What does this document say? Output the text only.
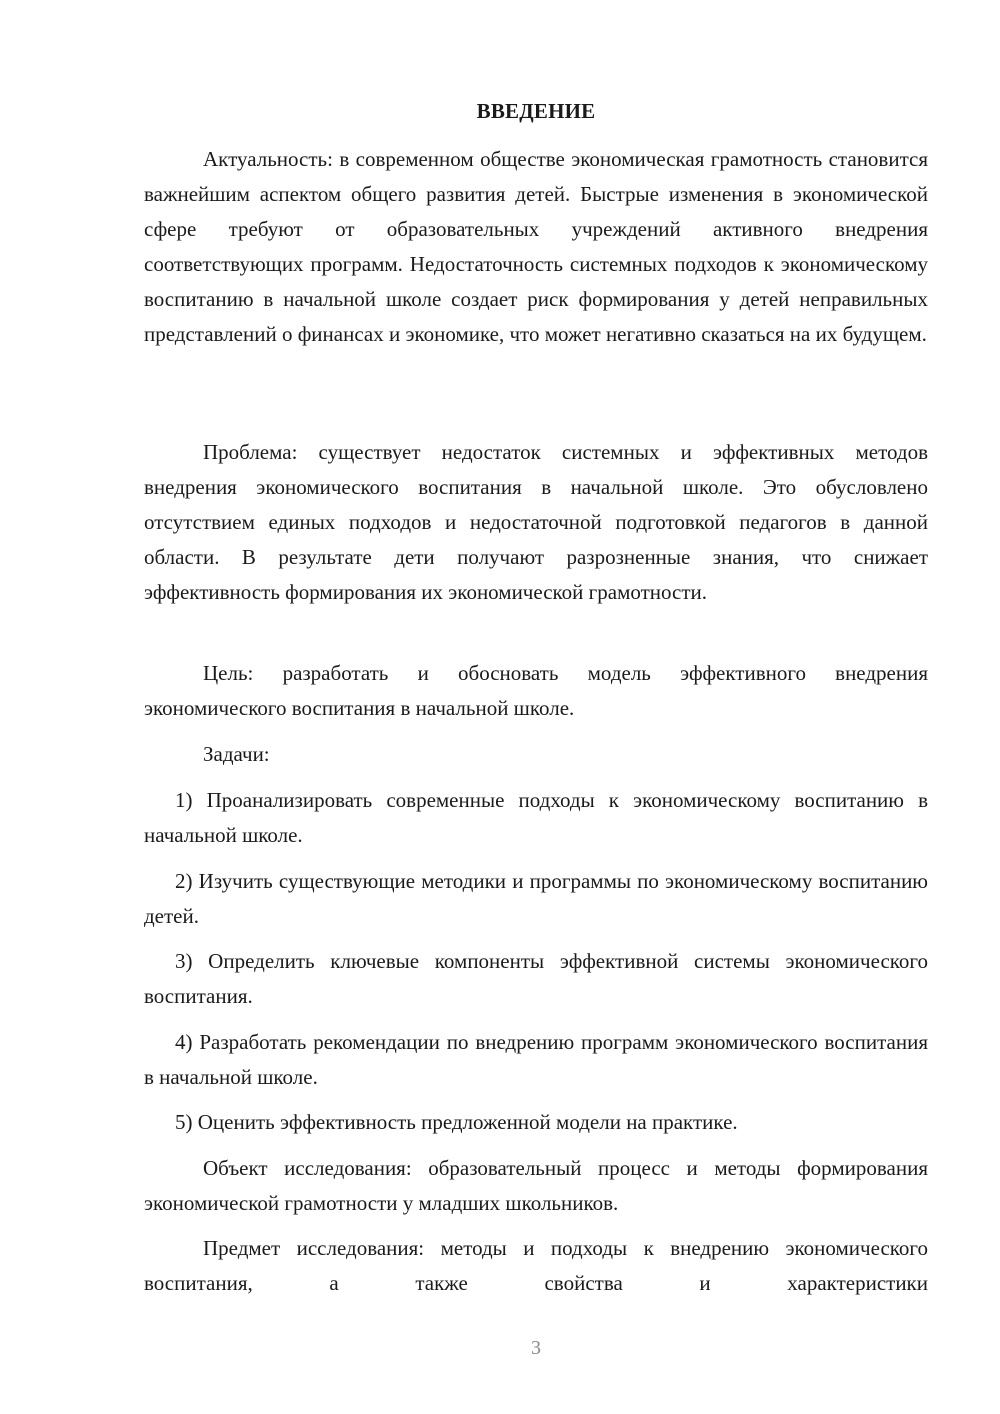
ВВЕДЕНИЕ

Актуальность: в современном обществе экономическая грамотность становится важнейшим аспектом общего развития детей. Быстрые изменения в экономической сфере требуют от образовательных учреждений активного внедрения соответствующих программ. Недостаточность системных подходов к экономическому воспитанию в начальной школе создает риск формирования у детей неправильных представлений о финансах и экономике, что может негативно сказаться на их будущем.

Проблема: существует недостаток системных и эффективных методов внедрения экономического воспитания в начальной школе. Это обусловлено отсутствием единых подходов и недостаточной подготовкой педагогов в данной области. В результате дети получают разрозненные знания, что снижает эффективность формирования их экономической грамотности.

Цель: разработать и обосновать модель эффективного внедрения экономического воспитания в начальной школе.

Задачи:

1) Проанализировать современные подходы к экономическому воспитанию в начальной школе.

2) Изучить существующие методики и программы по экономическому воспитанию детей.

3) Определить ключевые компоненты эффективной системы экономического воспитания.

4) Разработать рекомендации по внедрению программ экономического воспитания в начальной школе.

5) Оценить эффективность предложенной модели на практике.

Объект исследования: образовательный процесс и методы формирования экономической грамотности у младших школьников.

Предмет исследования: методы и подходы к внедрению экономического воспитания, а также свойства и характеристики

3
